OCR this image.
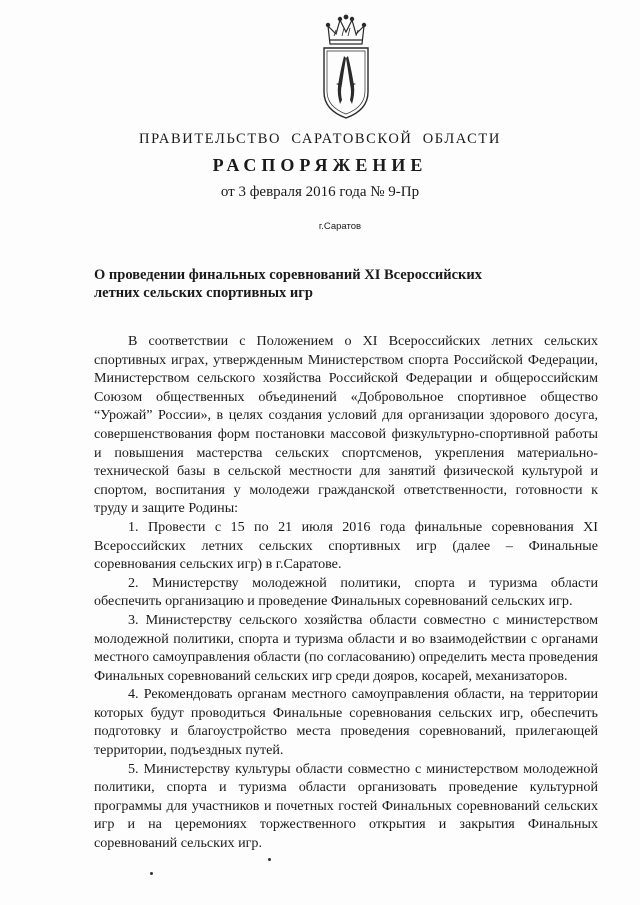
ПРАВИТЕЛЬСТВО САРАТОВСКОЙ ОБЛАСТИ
РАСПОРЯЖЕНИЕ
от 3 февраля 2016 года № 9-Пр
г.Саратов
О проведении финальных соревнований XI Всероссийских
летних сельских спортивных игр

В соответствии с Положением о XI Всероссийских летних сельских спортивных играх, утвержденным Министерством спорта Российской Федерации, Министерством сельского хозяйства Российской Федерации и общероссийским Союзом общественных объединений «Добровольное спортивное общество “Урожай” России», в целях создания условий для организации здорового досуга, совершенствования форм постановки массовой физкультурно-спортивной работы и повышения мастерства сельских спортсменов, укрепления материально-технической базы в сельской местности для занятий физической культурой и спортом, воспитания у молодежи гражданской ответственности, готовности к труду и защите Родины:

1. Провести с 15 по 21 июля 2016 года финальные соревнования XI Всероссийских летних сельских спортивных игр (далее – Финальные соревнования сельских игр) в г.Саратове.

2. Министерству молодежной политики, спорта и туризма области обеспечить организацию и проведение Финальных соревнований сельских игр.

3. Министерству сельского хозяйства области совместно с министерством молодежной политики, спорта и туризма области и во взаимодействии с органами местного самоуправления области (по согласованию) определить места проведения Финальных соревнований сельских игр среди дояров, косарей, механизаторов.

4. Рекомендовать органам местного самоуправления области, на территории которых будут проводиться Финальные соревнования сельских игр, обеспечить подготовку и благоустройство места проведения соревнований, прилегающей территории, подъездных путей.

5. Министерству культуры области совместно с министерством молодежной политики, спорта и туризма области организовать проведение культурной программы для участников и почетных гостей Финальных соревнований сельских игр и на церемониях торжественного открытия и закрытия Финальных соревнований сельских игр.
